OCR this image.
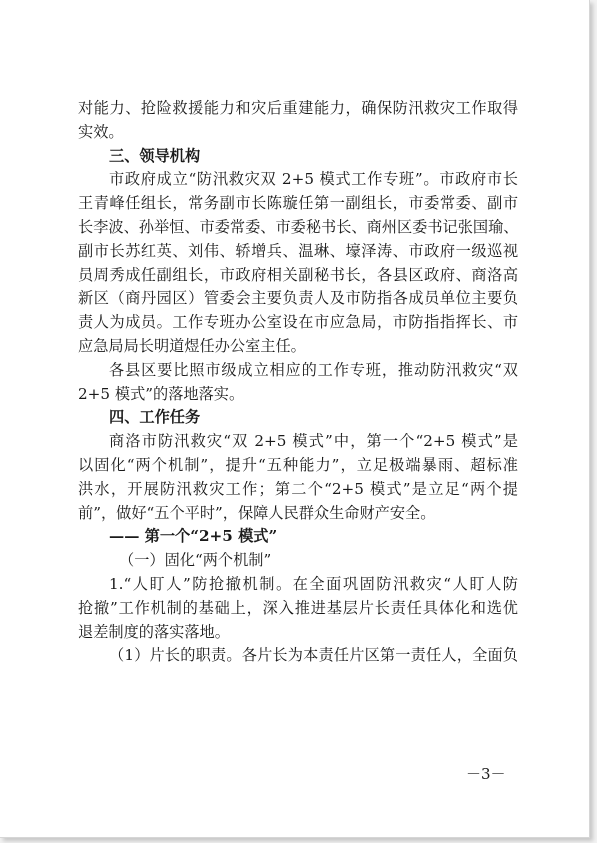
对能力、抢险救援能力和灾后重建能力，确保防汛救灾工作取得
实效。
三、领导机构
市政府成立“防汛救灾双 2+5 模式工作专班”。市政府市长
王青峰任组长，常务副市长陈璇任第一副组长，市委常委、副市
长李波、孙举恒、市委常委、市委秘书长、商州区委书记张国瑜、
副市长苏红英、刘伟、轿增兵、温琳、壕泽涛、市政府一级巡视
员周秀成任副组长，市政府相关副秘书长，各县区政府、商洛高
新区（商丹园区）管委会主要负责人及市防指各成员单位主要负
责人为成员。工作专班办公室设在市应急局，市防指指挥长、市
应急局局长明道煜任办公室主任。
各县区要比照市级成立相应的工作专班，推动防汛救灾“双
2+5 模式”的落地落实。
四、工作任务
商洛市防汛救灾“双 2+5 模式”中，第一个“2+5 模式”是
以固化“两个机制”，提升“五种能力”，立足极端暴雨、超标准
洪水，开展防汛救灾工作；第二个“2+5 模式”是立足“两个提
前”，做好“五个平时”，保障人民群众生命财产安全。
—— 第一个“2+5 模式”
（一）固化“两个机制”
1.“人盯人”防抢撤机制。在全面巩固防汛救灾“人盯人防
抢撤”工作机制的基础上，深入推进基层片长责任具体化和选优
退差制度的落实落地。
（1）片长的职责。各片长为本责任片区第一责任人，全面负
－3－
